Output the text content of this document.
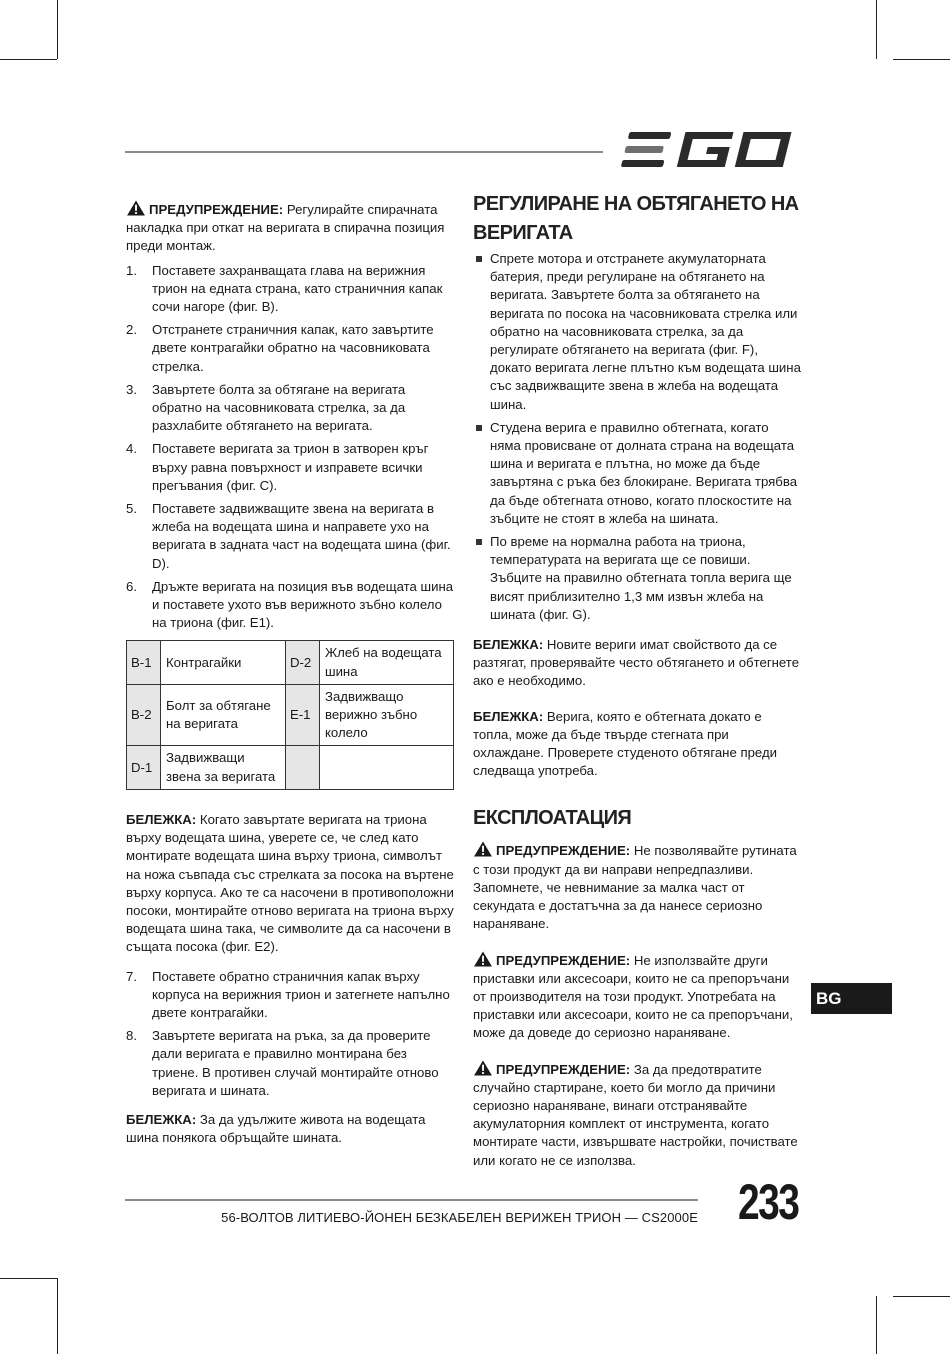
ПРЕДУПРЕЖДЕНИЕ: Регулирайте спирачната накладка при откат на веригата в спирачна позиция преди монтаж.

1. Поставете захранващата глава на верижния трион на едната страна, като страничния капак сочи нагоре (фиг. B).
2. Отстранете страничния капак, като завъртите двете контрагайки обратно на часовниковата стрелка.
3. Завъртете болта за обтягане на веригата обратно на часовниковата стрелка, за да разхлабите обтягането на веригата.
4. Поставете веригата за трион в затворен кръг върху равна повърхност и изправете всички прегъвания (фиг. C).
5. Поставете задвижващите звена на веригата в жлеба на водещата шина и направете ухо на веригата в задната част на водещата шина (фиг. D).
6. Дръжте веригата на позиция във водещата шина и поставете ухото във верижното зъбно колело на триона (фиг. E1).
B-1	Контрагайки	D-2	Жлеб на водещата шина
B-2	Болт за обтягане на веригата	E-1	Задвижващо верижно зъбно колело
D-1	Задвижващи звена за веригата		

БЕЛЕЖКА: Когато завъртате веригата на триона върху водещата шина, уверете се, че след като монтирате водещата шина върху триона, символът на ножа съвпада със стрелката за посока на въртене върху корпуса. Ако те са насочени в противоположни посоки, монтирайте отново веригата на триона върху водещата шина така, че символите да са насочени в същата посока (фиг. E2).

7. Поставете обратно страничния капак върху корпуса на верижния трион и затегнете напълно двете контрагайки.
8. Завъртете веригата на ръка, за да проверите дали веригата е правилно монтирана без триене. В противен случай монтирайте отново веригата и шината.

БЕЛЕЖКА: За да удължите живота на водещата шина понякога обръщайте шината.

РЕГУЛИРАНЕ НА ОБТЯГАНЕТО НА ВЕРИГАТА
Спрете мотора и отстранете акумулаторната батерия, преди регулиране на обтягането на веригата. Завъртете болта за обтягането на веригата по посока на часовниковата стрелка или обратно на часовниковата стрелка, за да регулирате обтягането на веригата (фиг. F), докато веригата легне плътно към водещата шина със задвижващите звена в жлеба на водещата шина.
Студена верига е правилно обтегната, когато няма провисване от долната страна на водещата шина и веригата е плътна, но може да бъде завъртяна с ръка без блокиране. Веригата трябва да бъде обтегната отново, когато плоскостите на зъбците не стоят в жлеба на шината.
По време на нормална работа на триона, температурата на веригата ще се повиши. Зъбците на правилно обтегната топла верига ще висят приблизително 1,3 мм извън жлеба на шината (фиг. G).

БЕЛЕЖКА: Новите вериги имат свойството да се разтягат, проверявайте често обтягането и обтегнете ако е необходимо.

БЕЛЕЖКА: Верига, която е обтегната докато е топла, може да бъде твърде стегната при охлаждане. Проверете студеното обтягане преди следваща употреба.

ЕКСПЛОАТАЦИЯ

ПРЕДУПРЕЖДЕНИЕ: Не позволявайте рутината с този продукт да ви направи непредпазливи. Запомнете, че невнимание за малка част от секундата е достатъчна за да нанесе сериозно нараняване.

ПРЕДУПРЕЖДЕНИЕ: Не използвайте други приставки или аксесоари, които не са препоръчани от производителя на този продукт. Употребата на приставки или аксесоари, които не са препоръчани, може да доведе до сериозно нараняване.

ПРЕДУПРЕЖДЕНИЕ: За да предотвратите случайно стартиране, което би могло да причини сериозно нараняване, винаги отстранявайте акумулаторния комплект от инструмента, когато монтирате части, извършвате настройки, почиствате или когато не се използва.

BG
56-ВОЛТОВ ЛИТИЕВО-ЙОНЕН БЕЗКАБЕЛЕН ВЕРИЖЕН ТРИОН — CS2000E 233
